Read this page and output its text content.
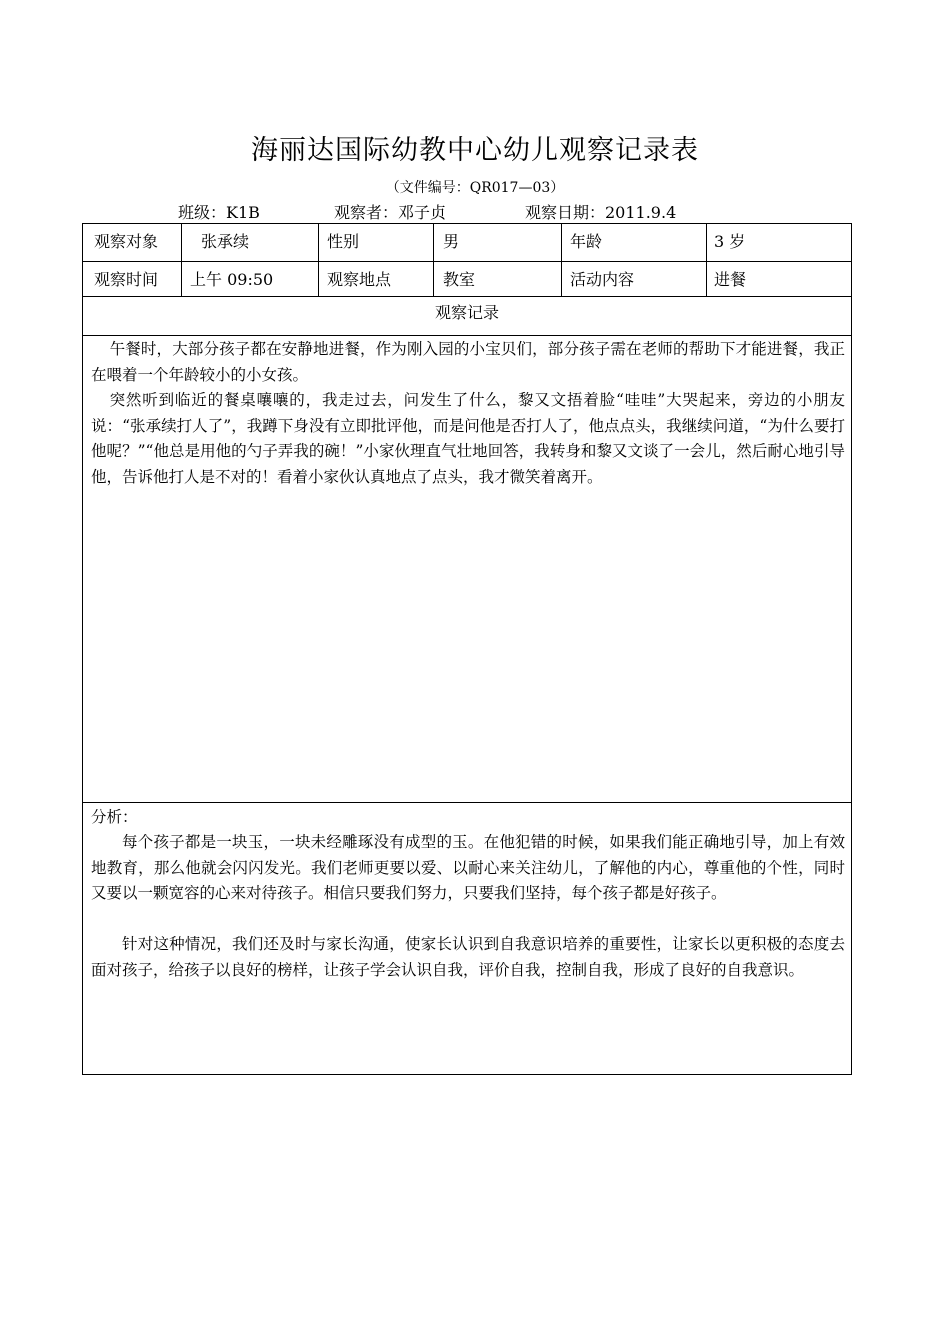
海丽达国际幼教中心幼儿观察记录表
（文件编号：QR017—03）
班级：K1B	观察者：邓子贞	观察日期：2011.9.4
观察对象	张承续	性别	男	年龄	3 岁
观察时间 上午 09:50	观察地点	教室	活动内容	进餐
观察记录

午餐时，大部分孩子都在安静地进餐，作为刚入园的小宝贝们，部分孩子需在老师的帮助下才能进餐，我正在喂着一个年龄较小的小女孩。

突然听到临近的餐桌嚷嚷的，我走过去，问发生了什么，黎又文捂着脸“哇哇”大哭起来，旁边的小朋友说：“张承续打人了”，我蹲下身没有立即批评他，而是问他是否打人了，他点点头，我继续问道，“为什么要打他呢？”“他总是用他的勺子弄我的碗！”小家伙理直气壮地回答，我转身和黎又文谈了一会儿，然后耐心地引导他，告诉他打人是不对的！看着小家伙认真地点了点头，我才微笑着离开。

分析：

每个孩子都是一块玉，一块未经雕琢没有成型的玉。在他犯错的时候，如果我们能正确地引导，加上有效地教育，那么他就会闪闪发光。我们老师更要以爱、以耐心来关注幼儿，了解他的内心，尊重他的个性，同时又要以一颗宽容的心来对待孩子。相信只要我们努力，只要我们坚持，每个孩子都是好孩子。

针对这种情况，我们还及时与家长沟通，使家长认识到自我意识培养的重要性，让家长以更积极的态度去面对孩子，给孩子以良好的榜样，让孩子学会认识自我，评价自我，控制自我，形成了良好的自我意识。
